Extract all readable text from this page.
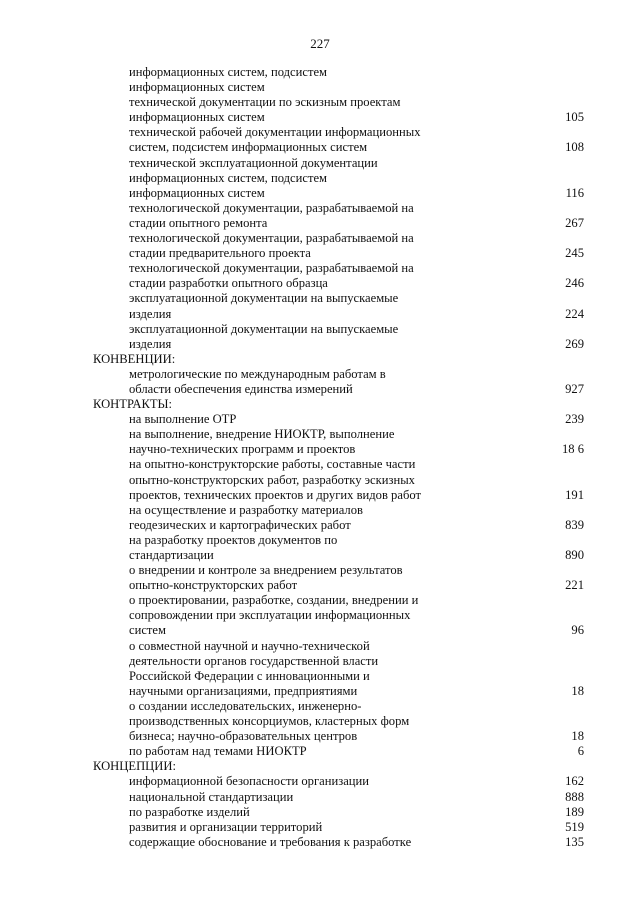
227
информационных систем, подсистем
информационных систем
технической документации по эскизным проектам
информационных систем	105
технической рабочей документации информационных
систем, подсистем информационных систем	108
технической эксплуатационной документации
информационных систем, подсистем
информационных систем	116
технологической документации, разрабатываемой на
стадии опытного ремонта	267
технологической документации, разрабатываемой на
стадии предварительного проекта	245
технологической документации, разрабатываемой на
стадии разработки опытного образца	246
эксплуатационной документации на выпускаемые
изделия	224
эксплуатационной документации на выпускаемые
изделия	269
КОНВЕНЦИИ:
метрологические по международным работам в
области обеспечения единства измерений	927
КОНТРАКТЫ:
на выполнение ОТР	239
на выполнение, внедрение НИОКТР, выполнение
научно-технических программ и проектов	18 6
на опытно-конструкторские работы, составные части
опытно-конструкторских работ, разработку эскизных
проектов, технических проектов и других видов работ	191
на осуществление и разработку материалов
геодезических и картографических работ	839
на разработку проектов документов по
стандартизации	890
о внедрении и контроле за внедрением результатов
опытно-конструкторских работ	221
о проектировании, разработке, создании, внедрении и
сопровождении при эксплуатации информационных
систем	96
о совместной научной и научно-технической
деятельности органов государственной власти
Российской Федерации с инновационными и
научными организациями, предприятиями	18
о создании исследовательских, инженерно-
производственных консорциумов, кластерных форм
бизнеса; научно-образовательных центров	18
по работам над темами НИОКТР	6
КОНЦЕПЦИИ:
информационной безопасности организации	162
национальной стандартизации	888
по разработке изделий	189
развития и организации территорий	519
содержащие обоснование и требования к разработке	135
